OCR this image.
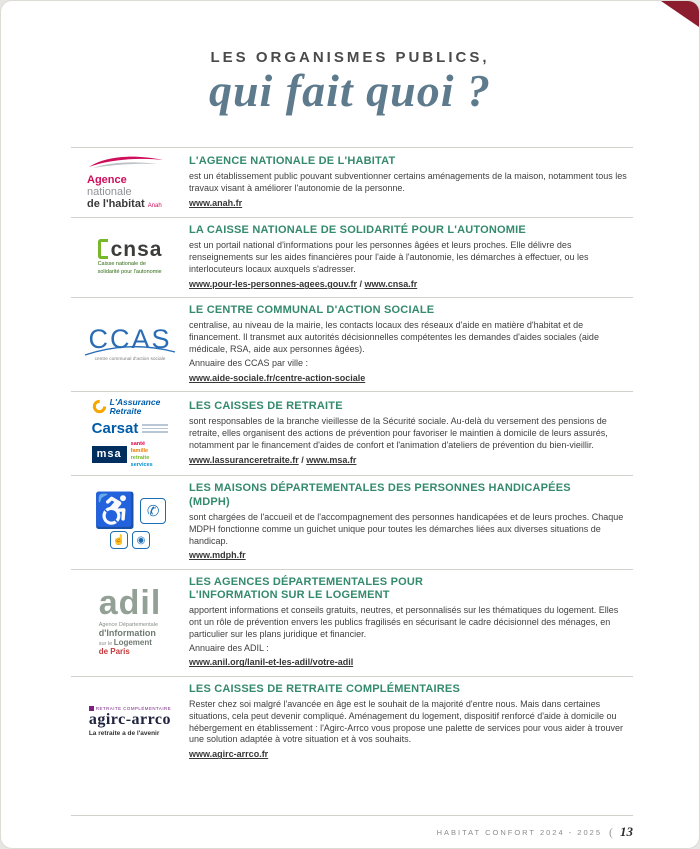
LES ORGANISMES PUBLICS,
qui fait quoi ?
Agence
nationale
de l'habitat Anah
L'AGENCE NATIONALE DE L'HABITAT

est un établissement public pouvant subventionner certains aménagements de la maison, notamment tous les travaux visant à améliorer l'autonomie de la personne.

www.anah.fr
cnsa
Caisse nationale de
solidarité pour l'autonomie
LA CAISSE NATIONALE DE SOLIDARITÉ POUR L'AUTONOMIE

est un portail national d'informations pour les personnes âgées et leurs proches. Elle délivre des renseignements sur les aides financières pour l'aide à l'autonomie, les démarches à effectuer, ou les interlocuteurs locaux auxquels s'adresser.

www.pour-les-personnes-agees.gouv.fr / www.cnsa.fr
CCAS
centre communal d'action sociale
LE CENTRE COMMUNAL D'ACTION SOCIALE

centralise, au niveau de la mairie, les contacts locaux des réseaux d'aide en matière d'habitat et de financement. Il transmet aux autorités décisionnelles compétentes les demandes d'aides sociales (aide médicale, RSA, aide aux personnes âgées).

Annuaire des CCAS par ville :

www.aide-sociale.fr/centre-action-sociale
L'Assurance
Retraite
Carsat
msa
santé
famille
retraite
services
LES CAISSES DE RETRAITE

sont responsables de la branche vieillesse de la Sécurité sociale. Au-delà du versement des pensions de retraite, elles organisent des actions de prévention pour favoriser le maintien à domicile de leurs assurés, notamment par le financement d'aides de confort et l'animation d'ateliers de prévention du bien-vieillir.

www.lassuranceretraite.fr / www.msa.fr
♿ ✆
☝	◉
LES MAISONS DÉPARTEMENTALES DES PERSONNES HANDICAPÉES (MDPH)

sont chargées de l'accueil et de l'accompagnement des personnes handicapées et de leurs proches. Chaque MDPH fonctionne comme un guichet unique pour toutes les démarches liées aux diverses situations de handicap.

www.mdph.fr
adil
Agence Départementale
d'Information
sur le Logement
de Paris
LES AGENCES DÉPARTEMENTALES POUR L'INFORMATION SUR LE LOGEMENT

apportent informations et conseils gratuits, neutres, et personnalisés sur les thématiques du logement. Elles ont un rôle de prévention envers les publics fragilisés en sécurisant le cadre décisionnel des ménages, en particulier sur les plans juridique et financier.

Annuaire des ADIL :

www.anil.org/lanil-et-les-adil/votre-adil
RETRAITE COMPLÉMENTAIRE
agirc-arrco
La retraite a de l'avenir
LES CAISSES DE RETRAITE COMPLÉMENTAIRES

Rester chez soi malgré l'avancée en âge est le souhait de la majorité d'entre nous. Mais dans certaines situations, cela peut devenir compliqué. Aménagement du logement, dispositif renforcé d'aide à domicile ou hébergement en établissement : l'Agirc-Arrco vous propose une palette de services pour vous aider à trouver une solution adaptée à votre situation et à vos souhaits.

www.agirc-arrco.fr
HABITAT CONFORT 2024 - 2025 ( 13
